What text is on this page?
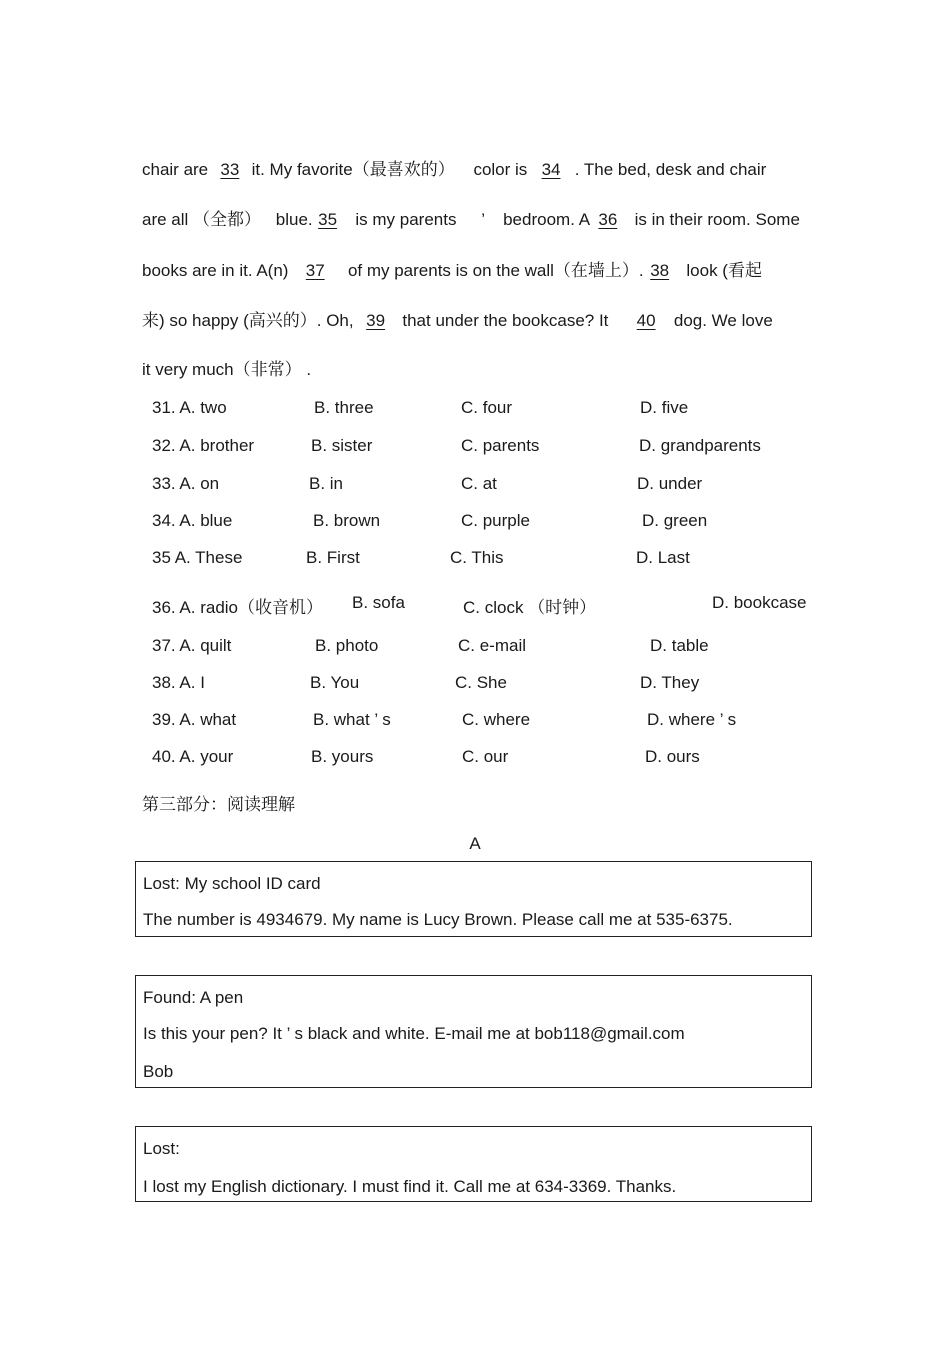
chair are 33 it. My favorite（最喜欢的） color is 34 . The bed, desk and chair
are all （全都） blue. 35 is my parents ’ bedroom. A 36 is in their room. Some
books are in it. A(n) 37 of my parents is on the wall（在墙上）. 38 look (看起
来) so happy (高兴的）. Oh, 39 that under the bookcase? It 40 dog. We love
it very much（非常） .
31. A. two	B. three	C. four	D. five
32. A. brother	B. sister	C. parents	D. grandparents
33. A. on	B. in	C. at	D. under
34. A. blue	B. brown	C. purple	D. green
35 A. These	B. First	C. This	D. Last
36. A. radio（收音机） B. sofa	C. clock （时钟）	D. bookcase
37. A. quilt	B. photo	C. e-mail	D. table
38. A. I	B. You	C. She	D. They
39. A. what	B. what ’ s	C. where	D. where ’ s
40. A. your	B. yours	C. our	D. ours
第三部分：阅读理解
A
Lost: My school ID card
The number is 4934679. My name is Lucy Brown. Please call me at 535-6375.
Found: A pen
Is this your pen? It ’ s black and white. E-mail me at bob118@gmail.com
Bob
Lost:
I lost my English dictionary. I must find it. Call me at 634-3369. Thanks.
